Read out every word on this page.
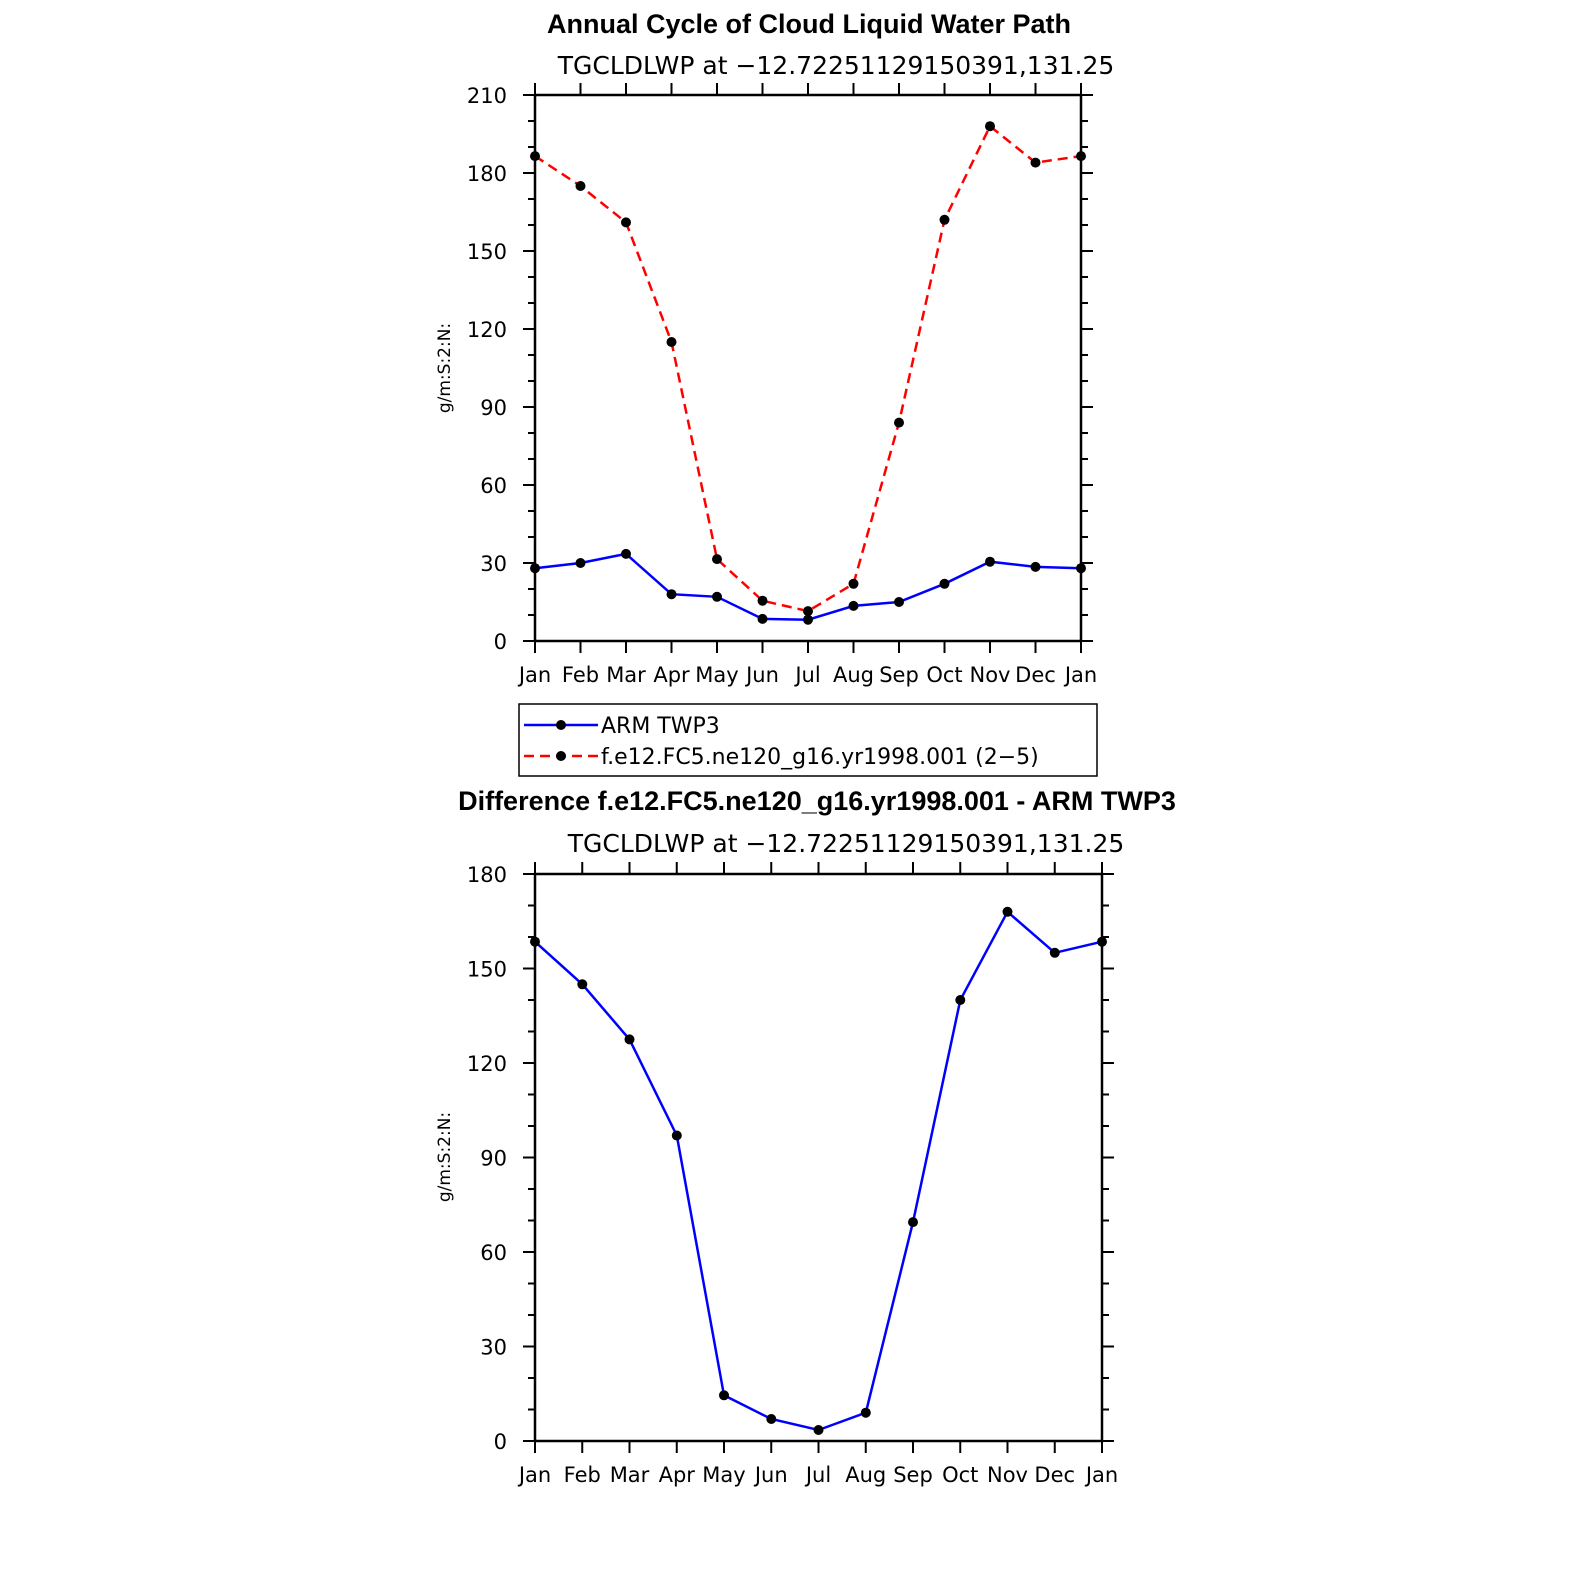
Annual Cycle of Cloud Liquid Water Path
TGCLDLWP at −12.72251129150391,131.25
g/m:S:2:N:
Jan Feb Mar Apr May Jun Jul Aug Sep Oct Nov Dec Jan
0
30
60
90
120
150
180
210
ARM TWP3
f.e12.FC5.ne120_g16.yr1998.001 (2−5)
Difference f.e12.FC5.ne120_g16.yr1998.001 - ARM TWP3
TGCLDLWP at −12.72251129150391,131.25
g/m:S:2:N:
Jan Feb Mar Apr May Jun Jul Aug Sep Oct Nov Dec Jan
0
30
60
90
120
150
180
